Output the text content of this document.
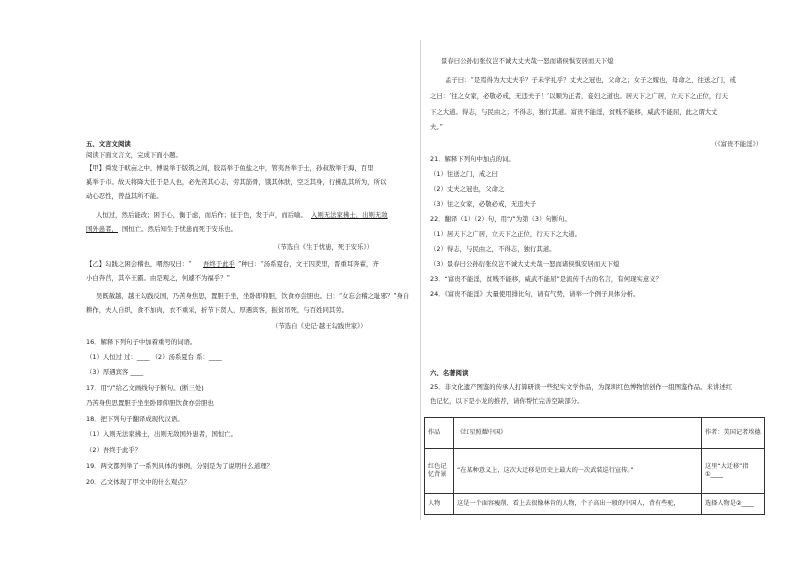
五、文言文阅读
阅读下面文言文，完成下面小题。
【甲】舜发于畎亩之中，傅说举于版筑之间，胶鬲举于鱼盐之中，管夷吾举于士，孙叔敖举于海，百里
奚举于市。故天将降大任于是人也，必先苦其心志，劳其筋骨，饿其体肤，空乏其身，行拂乱其所为，所以
动心忍性，曾益其所不能。
人恒过，然后能改；困于心，衡于虑，而后作；征于色，发于声，而后喻。 入则无法家拂士，出则无敌
国外患者， 国恒亡。然后知生于忧患而死于安乐也。
（节选自《生于忧患，死于安乐》）
【乙】勾践之困会稽也，喟然叹曰：“ 吾终于此乎 ”种曰：“汤系夏台，文王囚羑里，晋重耳奔翟，齐
小白奔莒，其卒王霸。由是观之，何遽不为福乎？”
吴既赦越，越王勾践反国，乃苦身焦思，置胆于坐，坐卧即仰胆，饮食亦尝胆也。曰：“女忘会稽之耻邪？”身自
耕作，夫人自织，食不加肉，衣不重采，折节下贤人，厚遇宾客，振贫吊死，与百姓同其劳。
（节选自《史记·越王勾践世家》）
16．解释下列句子中加着重号的词语。
（1）人恒过 过：____ （2）汤系夏台 系：____
（3）厚遇宾客 ____
17．用“/”给乙文画线句子断句。(断三处)
乃苦身焦思置胆于坐坐卧即仰胆饮食亦尝胆也
18．把下列句子翻译成现代汉语。
（1）入则无法家拂士，出则无敌国外患者，国恒亡。
（2）吾终于此乎？
19．两文都列举了一系列具体的事例，分别是为了说明什么道理？
20．乙文体现了甲文中的什么观点？
景春曰公孙衍张仪岂不诚大丈夫哉一怒而诸侯惧安居而天下熄
孟子曰：“是焉得为大丈夫乎？子未学礼乎？丈夫之冠也，父命之；女子之嫁也，母命之，往送之门，戒
之曰：‘往之女家，必敬必戒，无违夫子！’以顺为正者，妾妇之道也。居天下之广居，立天下之正位，行天
下之大道。得志，与民由之；不得志，独行其道。富贵不能淫，贫贱不能移，威武不能屈，此之谓大丈
夫。”
（《富贵不能淫》）
21．解释下列句中加点的词。
（1）往送之门，戒之曰
（2）丈夫之冠也，父命之
（3）往之女家，必敬必戒，无违夫子
22．翻译（1）（2）句，用“/”为第（3）句断句。
（1）居天下之广居，立天下之正位，行天下之大道。
（2）得志，与民由之，不得志，独行其道。
（3）景春曰公孙衍张仪岂不诚大丈夫哉一怒而诸侯惧安居而天下熄
23．“富贵不能淫，贫贱不能移，威武不能屈”是流传千古的名言，有何现实意义？
24．《富贵不能淫》大量使用排比句，请有气势，请举一个例子具体分析。
六、名著阅读
25．非文化遗产图鉴的传承人打算研读一些纪实文学作品，为深圳红色博物馆创作一组图鉴作品。来讲述红
色记忆，以下是小龙的推荐，请你帮忙完善空缺部分。
作品	《红星照耀中国》	作者：美国记者埃德
红色记忆背景	“在某种意义上，这次大迁移是历史上最大的一次武装巡行宣传。”	这里“大迁移”指①____
人物	这是一个面容瘦削、看上去很像林肯的人物，个子高出一般的中国人，背有些驼，	选择人物是②____
